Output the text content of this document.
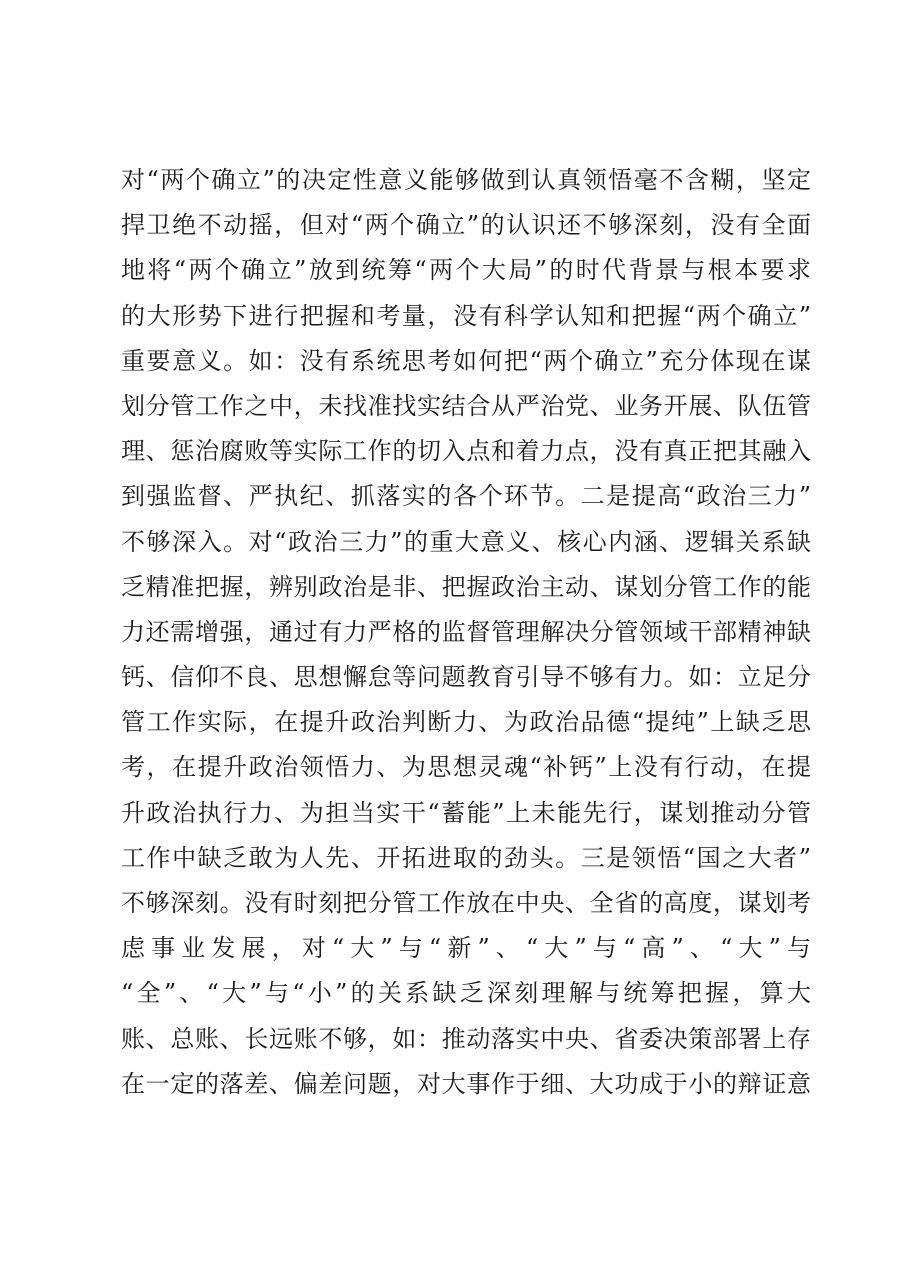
对“两个确立”的决定性意义能够做到认真领悟毫不含糊，坚定
捍卫绝不动摇，但对“两个确立”的认识还不够深刻，没有全面
地将“两个确立”放到统筹“两个大局”的时代背景与根本要求
的大形势下进行把握和考量，没有科学认知和把握“两个确立”
重要意义。如：没有系统思考如何把“两个确立”充分体现在谋
划分管工作之中，未找准找实结合从严治党、业务开展、队伍管
理、惩治腐败等实际工作的切入点和着力点，没有真正把其融入
到强监督、严执纪、抓落实的各个环节。二是提高“政治三力”
不够深入。对“政治三力”的重大意义、核心内涵、逻辑关系缺
乏精准把握，辨别政治是非、把握政治主动、谋划分管工作的能
力还需增强，通过有力严格的监督管理解决分管领域干部精神缺
钙、信仰不良、思想懈怠等问题教育引导不够有力。如：立足分
管工作实际，在提升政治判断力、为政治品德“提纯”上缺乏思
考，在提升政治领悟力、为思想灵魂“补钙”上没有行动，在提
升政治执行力、为担当实干“蓄能”上未能先行，谋划推动分管
工作中缺乏敢为人先、开拓进取的劲头。三是领悟“国之大者”
不够深刻。没有时刻把分管工作放在中央、全省的高度，谋划考
虑事业发展，对“大”与“新”、“大”与“高”、“大”与
“全”、“大”与“小”的关系缺乏深刻理解与统筹把握，算大
账、总账、长远账不够，如：推动落实中央、省委决策部署上存
在一定的落差、偏差问题，对大事作于细、大功成于小的辩证意
